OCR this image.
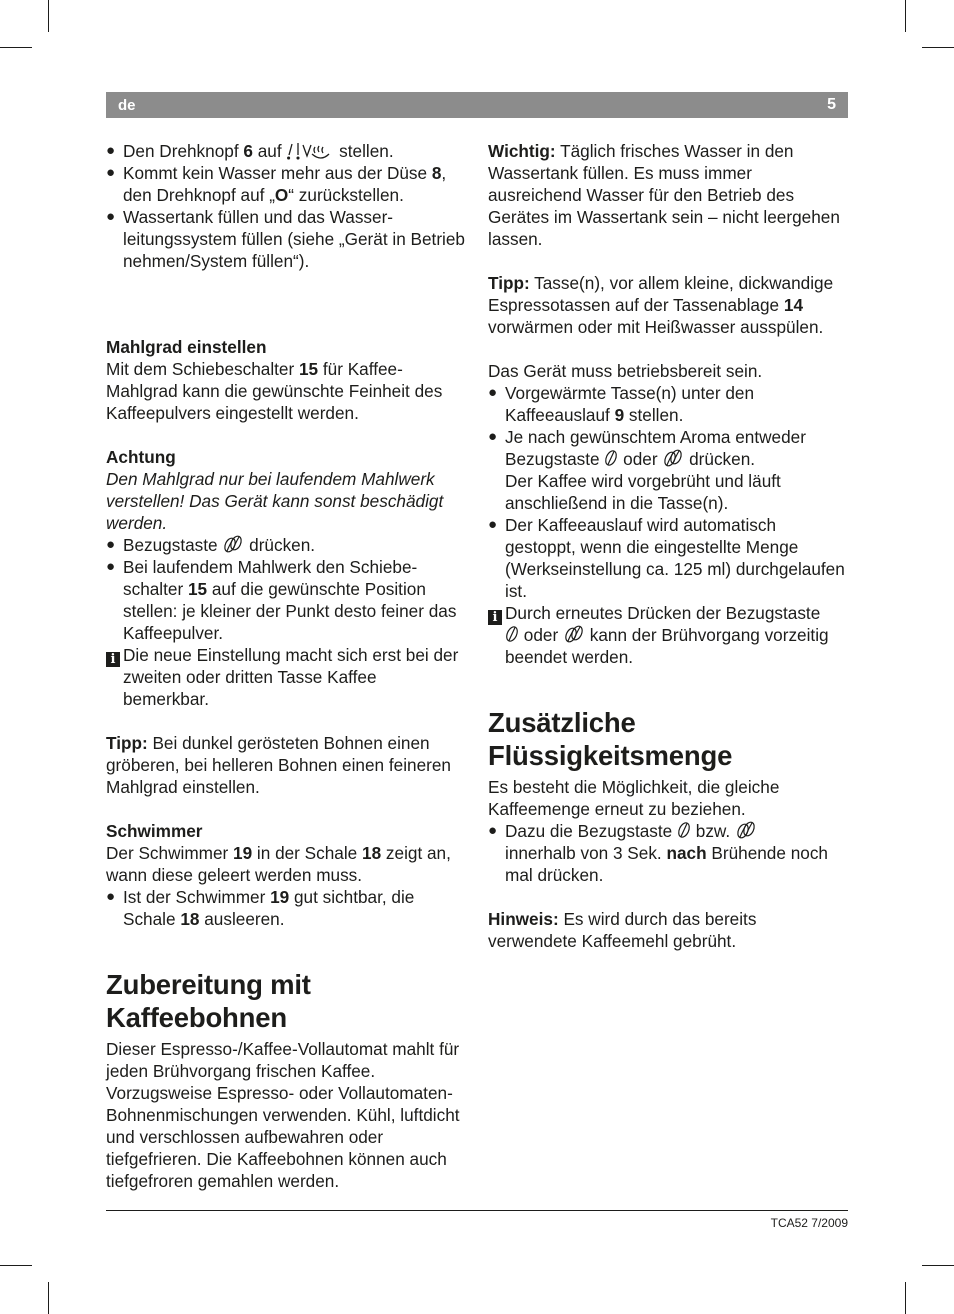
de	5
● Den Drehknopf 6 auf	stellen.
● Kommt kein Wasser mehr aus der Düse 8, den Drehknopf auf „O“ zurückstellen.
● Wassertank füllen und das Wasserleitungssystem füllen (siehe „Gerät in Betrieb nehmen/System füllen“).

Mahlgrad einstellen

Mit dem Schiebeschalter 15 für Kaffee-Mahlgrad kann die gewünschte Feinheit des Kaffeepulvers eingestellt werden.

Achtung

Den Mahlgrad nur bei laufendem Mahlwerk verstellen! Das Gerät kann sonst beschädigt werden.

● Bezugstaste  drücken.
● Bei laufendem Mahlwerk den Schiebeschalter 15 auf die gewünschte Position stellen: je kleiner der Punkt desto feiner das Kaffeepulver.
i Die neue Einstellung macht sich erst bei der zweiten oder dritten Tasse Kaffee bemerkbar.

Tipp: Bei dunkel gerösteten Bohnen einen gröberen, bei helleren Bohnen einen feineren Mahlgrad einstellen.

Schwimmer

Der Schwimmer 19 in der Schale 18 zeigt an, wann diese geleert werden muss.

● Ist der Schwimmer 19 gut sichtbar, die Schale 18 ausleeren.
Zubereitung mit Kaffeebohnen

Dieser Espresso-/Kaffee-Vollautomat mahlt für jeden Brühvorgang frischen Kaffee. Vorzugsweise Espresso- oder Vollautomaten-Bohnenmischungen verwenden. Kühl, luftdicht und verschlossen aufbewahren oder tiefgefrieren. Die Kaffeebohnen können auch tiefgefroren gemahlen werden.

Wichtig: Täglich frisches Wasser in den Wassertank füllen. Es muss immer ausreichend Wasser für den Betrieb des Gerätes im Wassertank sein – nicht leergehen lassen.

Tipp: Tasse(n), vor allem kleine, dickwandige Espressotassen auf der Tassenablage 14 vorwärmen oder mit Heißwasser ausspülen.

Das Gerät muss betriebsbereit sein.

● Vorgewärmte Tasse(n) unter den Kaffeeauslauf 9 stellen.
● Je nach gewünschtem Aroma entweder Bezugstaste  oder  drücken.
Der Kaffee wird vorgebrüht und läuft anschließend in die Tasse(n).
● Der Kaffeeauslauf wird automatisch gestoppt, wenn die eingestellte Menge (Werkseinstellung ca. 125 ml) durchgelaufen ist.
i Durch erneutes Drücken der Bezugstaste
oder  kann der Brühvorgang vorzeitig beendet werden.
Zusätzliche Flüssigkeitsmenge

Es besteht die Möglichkeit, die gleiche Kaffeemenge erneut zu beziehen.

● Dazu die Bezugstaste  bzw.
innerhalb von 3 Sek. nach Brühende noch mal drücken.

Hinweis: Es wird durch das bereits verwendete Kaffeemehl gebrüht.

TCA52 7/2009
